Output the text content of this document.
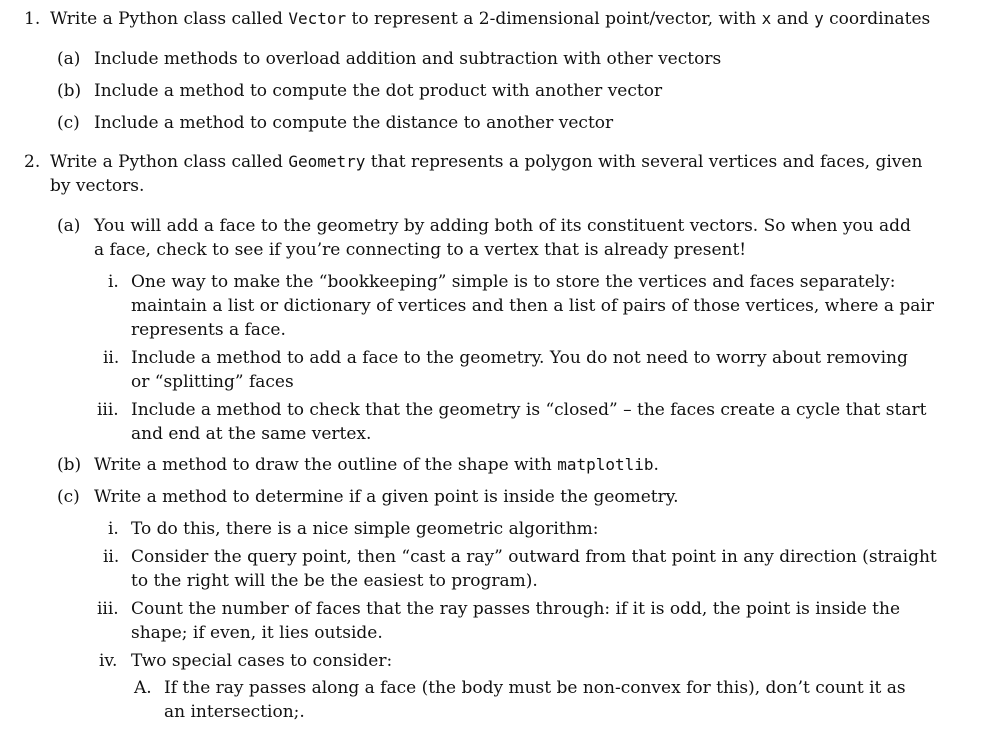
1. Write a Python class called Vector to represent a 2-dimensional point/vector, with x and y coordinates
(a) Include methods to overload addition and subtraction with other vectors
(b) Include a method to compute the dot product with another vector
(c) Include a method to compute the distance to another vector
2. Write a Python class called Geometry that represents a polygon with several vertices and faces, given
by vectors.
(a) You will add a face to the geometry by adding both of its constituent vectors. So when you add
a face, check to see if you’re connecting to a vertex that is already present!
i. One way to make the “bookkeeping” simple is to store the vertices and faces separately:
maintain a list or dictionary of vertices and then a list of pairs of those vertices, where a pair
represents a face.
ii. Include a method to add a face to the geometry. You do not need to worry about removing
or “splitting” faces
iii. Include a method to check that the geometry is “closed” – the faces create a cycle that start
and end at the same vertex.
(b) Write a method to draw the outline of the shape with matplotlib.
(c) Write a method to determine if a given point is inside the geometry.
i. To do this, there is a nice simple geometric algorithm:
ii. Consider the query point, then “cast a ray” outward from that point in any direction (straight
to the right will the be the easiest to program).
iii. Count the number of faces that the ray passes through: if it is odd, the point is inside the
shape; if even, it lies outside.
iv. Two special cases to consider:
A. If the ray passes along a face (the body must be non-convex for this), don’t count it as
an intersection;.
